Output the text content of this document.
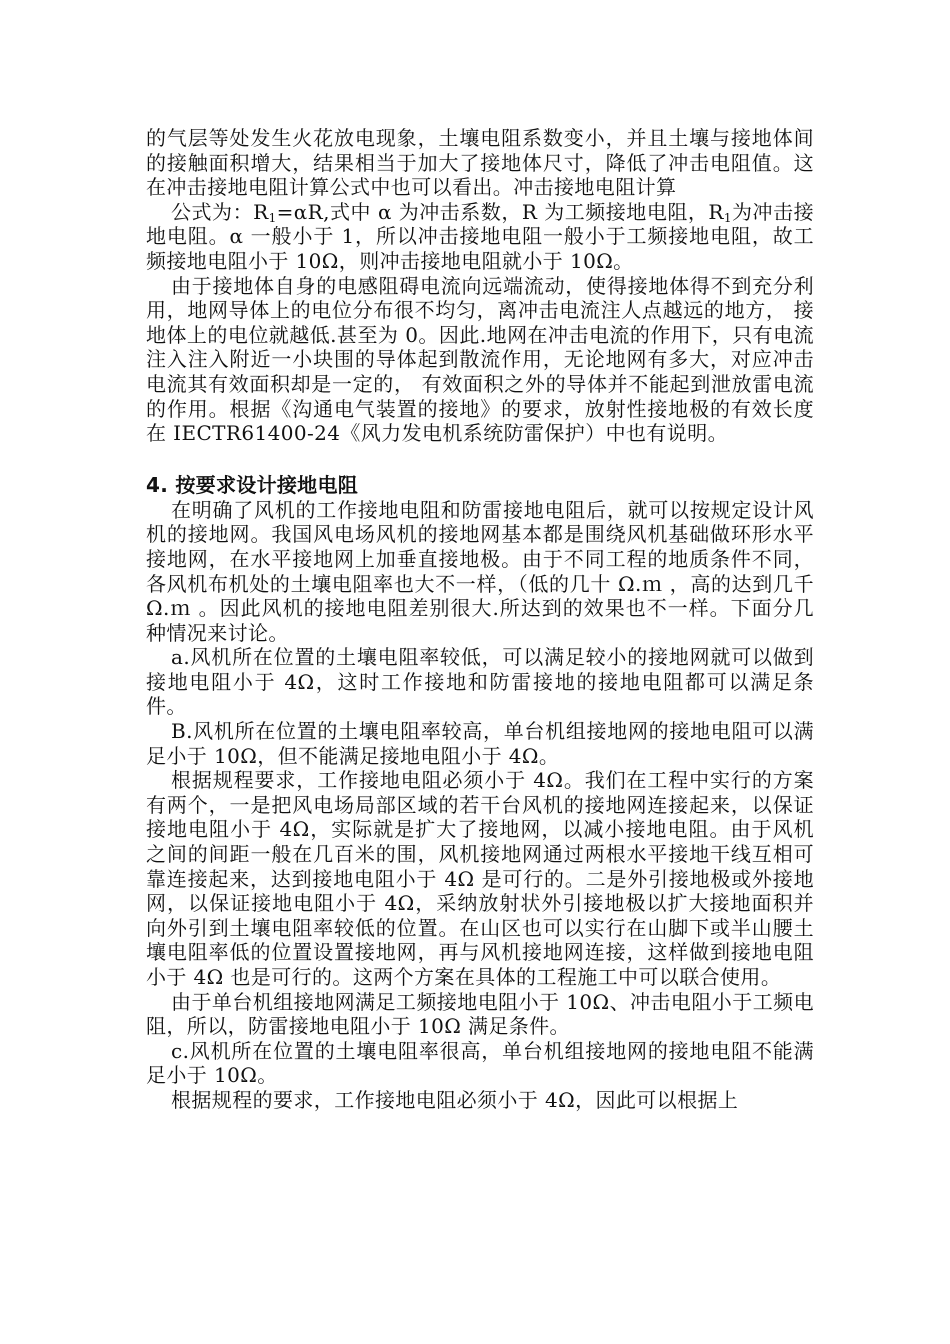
的气层等处发生火花放电现象，土壤电阻系数变小，并且土壤与接地体间的接触面积增大，结果相当于加大了接地体尺寸，降低了冲击电阻值。这在冲击接地电阻计算公式中也可以看出。冲击接地电阻计算

公式为：$R_1=\alpha R$,式中 α 为冲击系数，R 为工频接地电阻，$R_1$为冲击接地电阻。α 一般小于 1，所以冲击接地电阻一般小于工频接地电阻，故工频接地电阻小于 10Ω，则冲击接地电阻就小于 10Ω。

由于接地体自身的电感阻碍电流向远端流动，使得接地体得不到充分利用，地网导体上的电位分布很不均匀，离冲击电流注人点越远的地方， 接地体上的电位就越低.甚至为 0。因此.地网在冲击电流的作用下，只有电流注入注入附近一小块围的导体起到散流作用，无论地网有多大，对应冲击电流其有效面积却是一定的， 有效面积之外的导体并不能起到泄放雷电流的作用。根据《沟通电气装置的接地》的要求，放射性接地极的有效长度在 IECTR61400-24《风力发电机系统防雷保护）中也有说明。

4. 按要求设计接地电阻

在明确了风机的工作接地电阻和防雷接地电阻后，就可以按规定设计风机的接地网。我国风电场风机的接地网基本都是围绕风机基础做环形水平接地网，在水平接地网上加垂直接地极。由于不同工程的地质条件不同，各风机布机处的土壤电阻率也大不一样，（低的几十 Ω.ｍ ，高的达到几千 Ω.ｍ 。因此风机的接地电阻差别很大.所达到的效果也不一样。下面分几种情况来讨论。

a.风机所在位置的土壤电阻率较低，可以满足较小的接地网就可以做到接地电阻小于 4Ω，这时工作接地和防雷接地的接地电阻都可以满足条件。

B.风机所在位置的土壤电阻率较高，单台机组接地网的接地电阻可以满足小于 10Ω，但不能满足接地电阻小于 4Ω。

根据规程要求，工作接地电阻必须小于 4Ω。我们在工程中实行的方案有两个，一是把风电场局部区域的若干台风机的接地网连接起来，以保证接地电阻小于 4Ω，实际就是扩大了接地网，以减小接地电阻。由于风机之间的间距一般在几百米的围，风机接地网通过两根水平接地干线互相可靠连接起来，达到接地电阻小于 4Ω 是可行的。二是外引接地极或外接地网，以保证接地电阻小于 4Ω，采纳放射状外引接地极以扩大接地面积并向外引到土壤电阻率较低的位置。在山区也可以实行在山脚下或半山腰土壤电阻率低的位置设置接地网，再与风机接地网连接，这样做到接地电阻小于 4Ω 也是可行的。这两个方案在具体的工程施工中可以联合使用。

由于单台机组接地网满足工频接地电阻小于 10Ω、冲击电阻小于工频电阻，所以，防雷接地电阻小于 10Ω 满足条件。

c.风机所在位置的土壤电阻率很高，单台机组接地网的接地电阻不能满足小于 10Ω。

根据规程的要求，工作接地电阻必须小于 4Ω，因此可以根据上
